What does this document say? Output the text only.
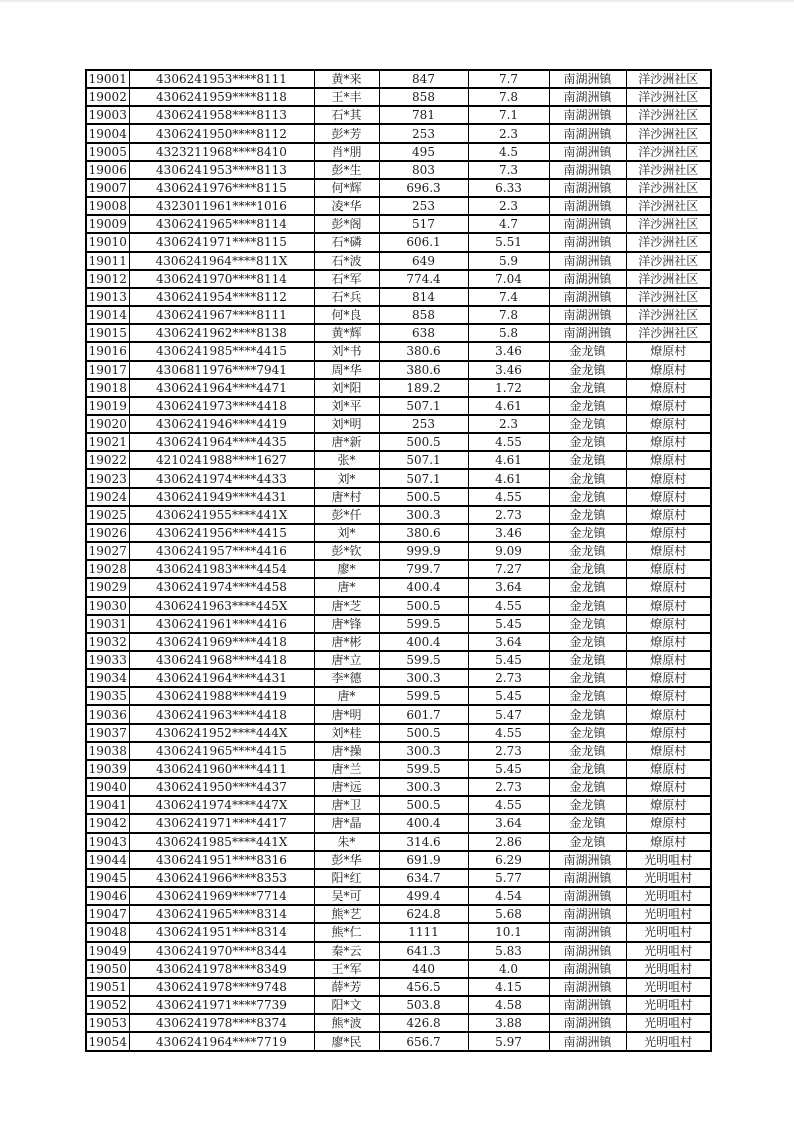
19001	4306241953****8111	黄*来	847	7.7	南湖洲镇	洋沙洲社区
19002	4306241959****8118	王*丰	858	7.8	南湖洲镇	洋沙洲社区
19003	4306241958****8113	石*其	781	7.1	南湖洲镇	洋沙洲社区
19004	4306241950****8112	彭*芳	253	2.3	南湖洲镇	洋沙洲社区
19005	4323211968****8410	肖*朋	495	4.5	南湖洲镇	洋沙洲社区
19006	4306241953****8113	彭*生	803	7.3	南湖洲镇	洋沙洲社区
19007	4306241976****8115	何*辉	696.3	6.33	南湖洲镇	洋沙洲社区
19008	4323011961****1016	凌*华	253	2.3	南湖洲镇	洋沙洲社区
19009	4306241965****8114	彭*阁	517	4.7	南湖洲镇	洋沙洲社区
19010	4306241971****8115	石*磷	606.1	5.51	南湖洲镇	洋沙洲社区
19011	4306241964****811X	石*波	649	5.9	南湖洲镇	洋沙洲社区
19012	4306241970****8114	石*军	774.4	7.04	南湖洲镇	洋沙洲社区
19013	4306241954****8112	石*兵	814	7.4	南湖洲镇	洋沙洲社区
19014	4306241967****8111	何*良	858	7.8	南湖洲镇	洋沙洲社区
19015	4306241962****8138	黄*辉	638	5.8	南湖洲镇	洋沙洲社区
19016	4306241985****4415	刘*书	380.6	3.46	金龙镇	燎原村
19017	4306811976****7941	周*华	380.6	3.46	金龙镇	燎原村
19018	4306241964****4471	刘*阳	189.2	1.72	金龙镇	燎原村
19019	4306241973****4418	刘*平	507.1	4.61	金龙镇	燎原村
19020	4306241946****4419	刘*明	253	2.3	金龙镇	燎原村
19021	4306241964****4435	唐*新	500.5	4.55	金龙镇	燎原村
19022	4210241988****1627	张*	507.1	4.61	金龙镇	燎原村
19023	4306241974****4433	刘*	507.1	4.61	金龙镇	燎原村
19024	4306241949****4431	唐*村	500.5	4.55	金龙镇	燎原村
19025	4306241955****441X	彭*仟	300.3	2.73	金龙镇	燎原村
19026	4306241956****4415	刘*	380.6	3.46	金龙镇	燎原村
19027	4306241957****4416	彭*钦	999.9	9.09	金龙镇	燎原村
19028	4306241983****4454	廖*	799.7	7.27	金龙镇	燎原村
19029	4306241974****4458	唐*	400.4	3.64	金龙镇	燎原村
19030	4306241963****445X	唐*芝	500.5	4.55	金龙镇	燎原村
19031	4306241961****4416	唐*锋	599.5	5.45	金龙镇	燎原村
19032	4306241969****4418	唐*彬	400.4	3.64	金龙镇	燎原村
19033	4306241968****4418	唐*立	599.5	5.45	金龙镇	燎原村
19034	4306241964****4431	李*德	300.3	2.73	金龙镇	燎原村
19035	4306241988****4419	唐*	599.5	5.45	金龙镇	燎原村
19036	4306241963****4418	唐*明	601.7	5.47	金龙镇	燎原村
19037	4306241952****444X	刘*桂	500.5	4.55	金龙镇	燎原村
19038	4306241965****4415	唐*操	300.3	2.73	金龙镇	燎原村
19039	4306241960****4411	唐*兰	599.5	5.45	金龙镇	燎原村
19040	4306241950****4437	唐*远	300.3	2.73	金龙镇	燎原村
19041	4306241974****447X	唐*卫	500.5	4.55	金龙镇	燎原村
19042	4306241971****4417	唐*晶	400.4	3.64	金龙镇	燎原村
19043	4306241985****441X	朱*	314.6	2.86	金龙镇	燎原村
19044	4306241951****8316	彭*华	691.9	6.29	南湖洲镇	光明咀村
19045	4306241966****8353	阳*红	634.7	5.77	南湖洲镇	光明咀村
19046	4306241969****7714	吴*可	499.4	4.54	南湖洲镇	光明咀村
19047	4306241965****8314	熊*艺	624.8	5.68	南湖洲镇	光明咀村
19048	4306241951****8314	熊*仁	1111	10.1	南湖洲镇	光明咀村
19049	4306241970****8344	秦*云	641.3	5.83	南湖洲镇	光明咀村
19050	4306241978****8349	王*军	440	4.0	南湖洲镇	光明咀村
19051	4306241978****9748	薛*芳	456.5	4.15	南湖洲镇	光明咀村
19052	4306241971****7739	阳*文	503.8	4.58	南湖洲镇	光明咀村
19053	4306241978****8374	熊*波	426.8	3.88	南湖洲镇	光明咀村
19054	4306241964****7719	廖*民	656.7	5.97	南湖洲镇	光明咀村
